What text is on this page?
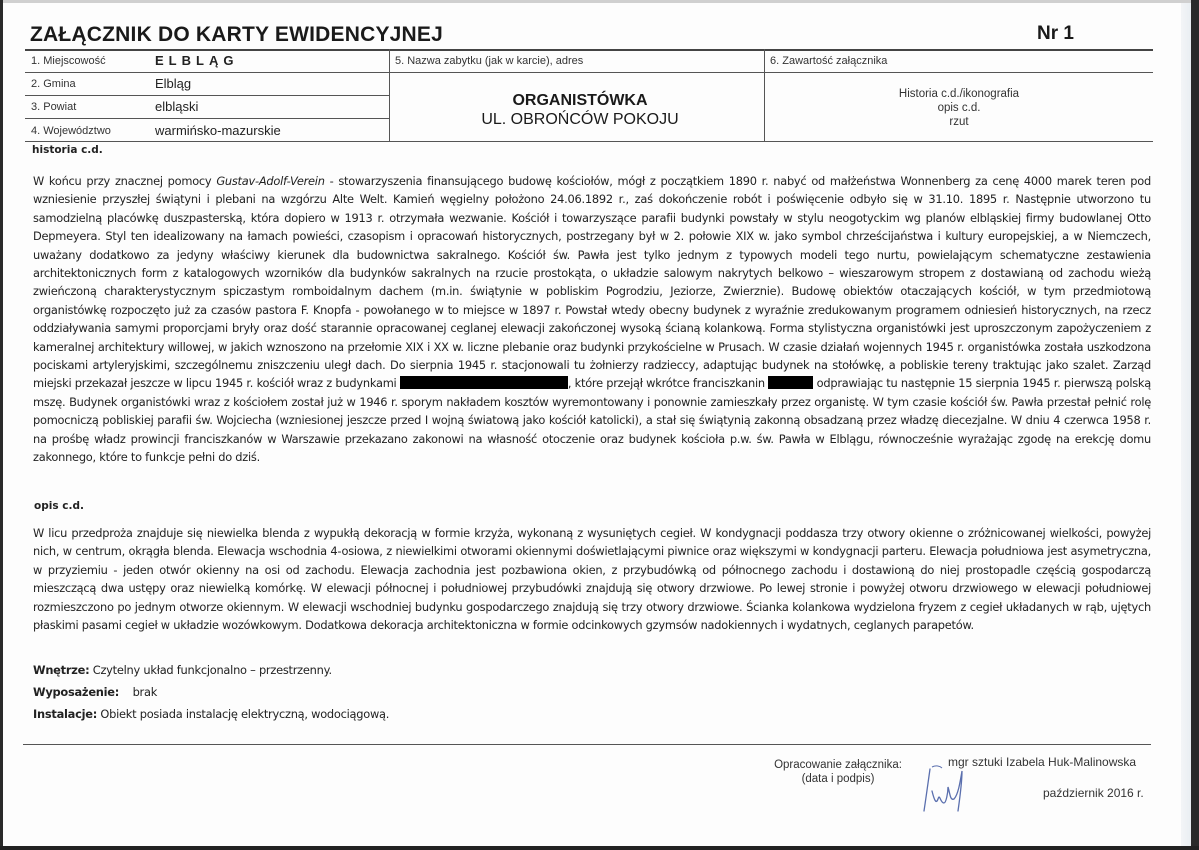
ZAŁĄCZNIK DO KARTY EWIDENCYJNEJ	Nr 1
1. Miejscowość	ELBLĄG
2. Gmina	Elbląg
3. Powiat	elbląski
4. Województwo	warmińsko-mazurskie
5. Nazwa zabytku (jak w karcie), adres
ORGANISTÓWKA
UL. OBROŃCÓW POKOJU
6. Zawartość załącznika
Historia c.d./ikonografia
opis c.d.
rzut
historia c.d.
W końcu przy znacznej pomocy Gustav-Adolf-Verein - stowarzyszenia finansującego budowę kościołów, mógł z początkiem 1890 r. nabyć od małżeństwa Wonnenberg za cenę 4000 marek teren pod wzniesienie przyszłej świątyni i plebani na wzgórzu Alte Welt. Kamień węgielny położono 24.06.1892 r., zaś dokończenie robót i poświęcenie odbyło się w 31.10. 1895 r. Następnie utworzono tu samodzielną placówkę duszpasterską, która dopiero w 1913 r. otrzymała wezwanie. Kościół i towarzyszące parafii budynki powstały w stylu neogotyckim wg planów elbląskiej firmy budowlanej Otto Depmeyera. Styl ten idealizowany na łamach powieści, czasopism i opracowań historycznych, postrzegany był w 2. połowie XIX w. jako symbol chrześcijaństwa i kultury europejskiej, a w Niemczech, uważany dodatkowo za jedyny właściwy kierunek dla budownictwa sakralnego. Kościół św. Pawła jest tylko jednym z typowych modeli tego nurtu, powielającym schematyczne zestawienia architektonicznych form z katalogowych wzorników dla budynków sakralnych na rzucie prostokąta, o układzie salowym nakrytych belkowo – wieszarowym stropem z dostawianą od zachodu wieżą zwieńczoną charakterystycznym spiczastym romboidalnym dachem (m.in. świątynie w pobliskim Pogrodziu, Jeziorze, Zwierznie). Budowę obiektów otaczających kościół, w tym przedmiotową organistówkę rozpoczęto już za czasów pastora F. Knopfa - powołanego w to miejsce w 1897 r. Powstał wtedy obecny budynek z wyraźnie zredukowanym programem odniesień historycznych, na rzecz oddziaływania samymi proporcjami bryły oraz dość starannie opracowanej ceglanej elewacji zakończonej wysoką ścianą kolankową. Forma stylistyczna organistówki jest uproszczonym zapożyczeniem z kameralnej architektury willowej, w jakich wznoszono na przełomie XIX i XX w. liczne plebanie oraz budynki przykościelne w Prusach. W czasie działań wojennych 1945 r. organistówka została uszkodzona pociskami artyleryjskimi, szczególnemu zniszczeniu uległ dach. Do sierpnia 1945 r. stacjonowali tu żołnierzy radzieccy, adaptując budynek na stołówkę, a pobliskie tereny traktując jako szalet. Zarząd miejski przekazał jeszcze w lipcu 1945 r. kościół wraz z budynkami	, które przejął wkrótce franciszkanin	odprawiając tu następnie 15 sierpnia 1945 r. pierwszą polską mszę. Budynek organistówki wraz z kościołem został już w 1946 r. sporym nakładem kosztów wyremontowany i ponownie zamieszkały przez organistę. W tym czasie kościół św. Pawła przestał pełnić rolę pomocniczą pobliskiej parafii św. Wojciecha (wzniesionej jeszcze przed I wojną światową jako kościół katolicki), a stał się świątynią zakonną obsadzaną przez władzę diecezjalne. W dniu 4 czerwca 1958 r. na prośbę władz prowincji franciszkanów w Warszawie przekazano zakonowi na własność otoczenie oraz budynek kościoła p.w. św. Pawła w Elblągu, równocześnie wyrażając zgodę na erekcję domu zakonnego, które to funkcje pełni do dziś.
opis c.d.
W licu przedproża znajduje się niewielka blenda z wypukłą dekoracją w formie krzyża, wykonaną z wysuniętych cegieł. W kondygnacji poddasza trzy otwory okienne o zróżnicowanej wielkości, powyżej nich, w centrum, okrągła blenda. Elewacja wschodnia 4-osiowa, z niewielkimi otworami okiennymi doświetlającymi piwnice oraz większymi w kondygnacji parteru. Elewacja południowa jest asymetryczna, w przyziemiu - jeden otwór okienny na osi od zachodu. Elewacja zachodnia jest pozbawiona okien, z przybudówką od północnego zachodu i dostawioną do niej prostopadle częścią gospodarczą mieszczącą dwa ustępy oraz niewielką komórkę. W elewacji północnej i południowej przybudówki znajdują się otwory drzwiowe. Po lewej stronie i powyżej otworu drzwiowego w elewacji południowej rozmieszczono po jednym otworze okiennym. W elewacji wschodniej budynku gospodarczego znajdują się trzy otwory drzwiowe. Ścianka kolankowa wydzielona fryzem z cegieł układanych w rąb, ujętych płaskimi pasami cegieł w układzie wozówkowym. Dodatkowa dekoracja architektoniczna w formie odcinkowych gzymsów nadokiennych i wydatnych, ceglanych parapetów.
Wnętrze: Czytelny układ funkcjonalno – przestrzenny.
Wyposażenie:    brak
Instalacje: Obiekt posiada instalację elektryczną, wodociągową.
Opracowanie załącznika:
(data i podpis)
mgr sztuki Izabela Huk-Malinowska
październik 2016 r.
